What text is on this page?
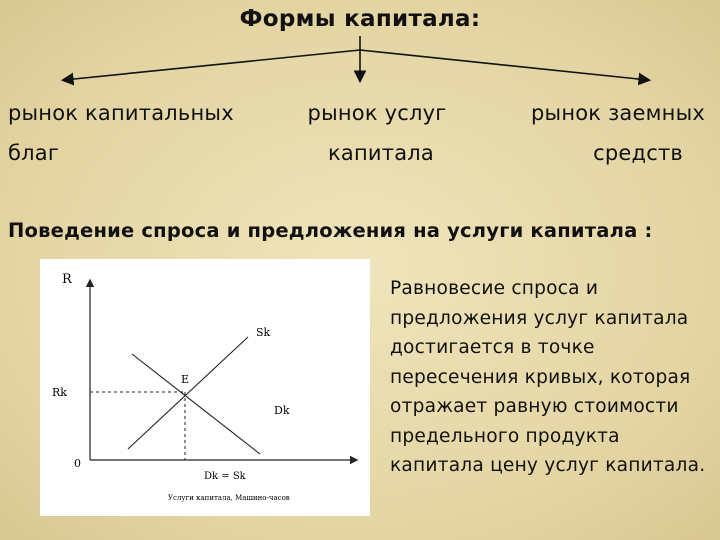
Формы капитала:
рынок капитальных
благ
рынок услуг
капитала
рынок заемных
средств
Поведение спроса и предложения на услуги капитала :
R
Sk
E
Dk
Rk
0
Dk = Sk
Услуги капитала, Машино-часов
Равновесие спроса и предложения услуг капитала достигается в точке пересечения кривых, которая отражает равную стоимости предельного продукта капитала цену услуг капитала.
